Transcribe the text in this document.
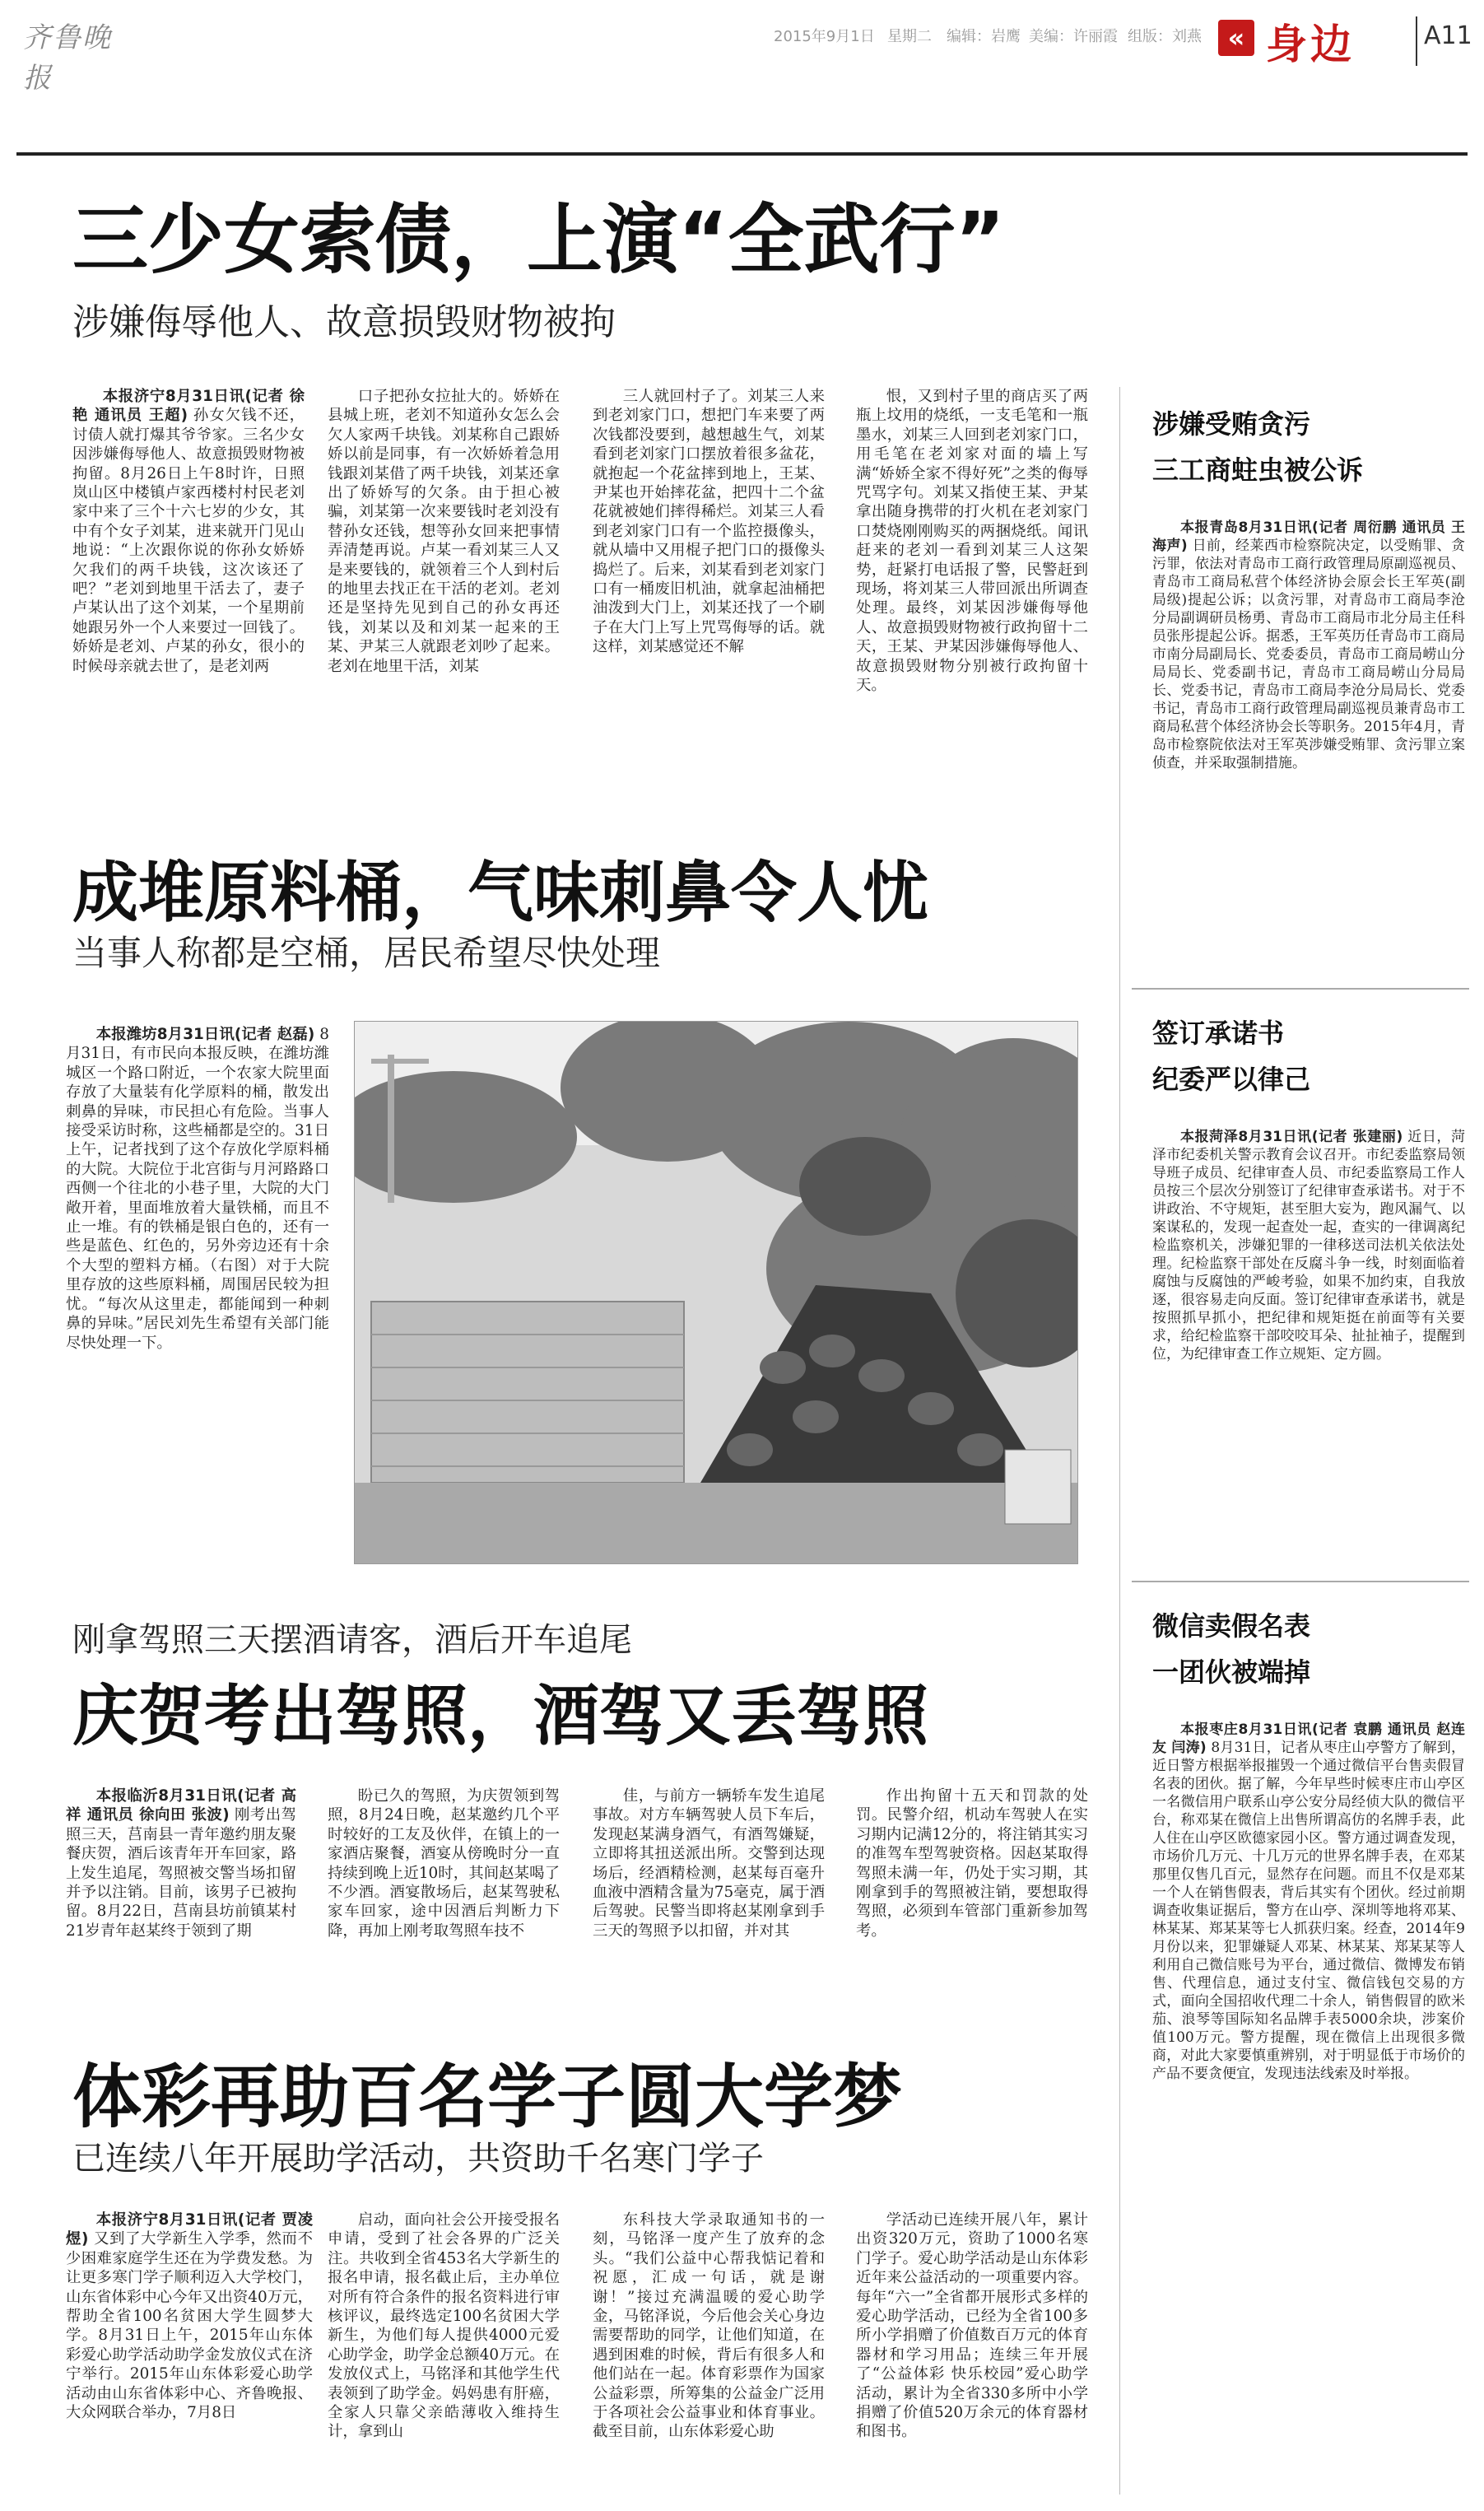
齐鲁晚报
2015年9月1日 星期二 编辑：岩鹰 美编：许丽霞 组版：刘燕 « 身边	A11
三少女索债，上演“全武行”
涉嫌侮辱他人、故意损毁财物被拘

本报济宁8月31日讯(记者 徐艳 通讯员 王超) 孙女欠钱不还，讨债人就打爆其爷爷家。三名少女因涉嫌侮辱他人、故意损毁财物被拘留。8月26日上午8时许，日照岚山区中楼镇卢家西楼村村民老刘家中来了三个十六七岁的少女，其中有个女子刘某，进来就开门见山地说：“上次跟你说的你孙女娇娇欠我们的两千块钱，这次该还了吧？”老刘到地里干活去了，妻子卢某认出了这个刘某，一个星期前她跟另外一个人来要过一回钱了。娇娇是老刘、卢某的孙女，很小的时候母亲就去世了，是老刘两

口子把孙女拉扯大的。娇娇在县城上班，老刘不知道孙女怎么会欠人家两千块钱。刘某称自己跟娇娇以前是同事，有一次娇娇着急用钱跟刘某借了两千块钱，刘某还拿出了娇娇写的欠条。由于担心被骗，刘某第一次来要钱时老刘没有替孙女还钱，想等孙女回来把事情弄清楚再说。卢某一看刘某三人又是来要钱的，就领着三个人到村后的地里去找正在干活的老刘。老刘还是坚持先见到自己的孙女再还钱，刘某以及和刘某一起来的王某、尹某三人就跟老刘吵了起来。老刘在地里干活，刘某

三人就回村子了。刘某三人来到老刘家门口，想把门车来要了两次钱都没要到，越想越生气，刘某看到老刘家门口摆放着很多盆花，就抱起一个花盆摔到地上，王某、尹某也开始摔花盆，把四十二个盆花就被她们摔得稀烂。刘某三人看到老刘家门口有一个监控摄像头，就从墙中又用棍子把门口的摄像头捣烂了。后来，刘某看到老刘家门口有一桶废旧机油，就拿起油桶把油泼到大门上，刘某还找了一个刷子在大门上写上咒骂侮辱的话。就这样，刘某感觉还不解

恨，又到村子里的商店买了两瓶上坟用的烧纸，一支毛笔和一瓶墨水，刘某三人回到老刘家门口，用毛笔在老刘家对面的墙上写满“娇娇全家不得好死”之类的侮辱咒骂字句。刘某又指使王某、尹某拿出随身携带的打火机在老刘家门口焚烧刚刚购买的两捆烧纸。闻讯赶来的老刘一看到刘某三人这架势，赶紧打电话报了警，民警赶到现场，将刘某三人带回派出所调查处理。最终，刘某因涉嫌侮辱他人、故意损毁财物被行政拘留十二天，王某、尹某因涉嫌侮辱他人、故意损毁财物分别被行政拘留十天。

成堆原料桶，气味刺鼻令人忧
当事人称都是空桶，居民希望尽快处理

本报潍坊8月31日讯(记者 赵磊) 8月31日，有市民向本报反映，在潍坊潍城区一个路口附近，一个农家大院里面存放了大量装有化学原料的桶，散发出刺鼻的异味，市民担心有危险。当事人接受采访时称，这些桶都是空的。31日上午，记者找到了这个存放化学原料桶的大院。大院位于北宫街与月河路路口西侧一个往北的小巷子里，大院的大门敞开着，里面堆放着大量铁桶，而且不止一堆。有的铁桶是银白色的，还有一些是蓝色、红色的，另外旁边还有十余个大型的塑料方桶。（右图）对于大院里存放的这些原料桶，周围居民较为担忧。“每次从这里走，都能闻到一种刺鼻的异味。”居民刘先生希望有关部门能尽快处理一下。

刚拿驾照三天摆酒请客，酒后开车追尾
庆贺考出驾照，酒驾又丢驾照

本报临沂8月31日讯(记者 高祥 通讯员 徐向田 张波) 刚考出驾照三天，莒南县一青年邀约朋友聚餐庆贺，酒后该青年开车回家，路上发生追尾，驾照被交警当场扣留并予以注销。目前，该男子已被拘留。8月22日，莒南县坊前镇某村21岁青年赵某终于领到了期

盼已久的驾照，为庆贺领到驾照，8月24日晚，赵某邀约几个平时较好的工友及伙伴，在镇上的一家酒店聚餐，酒宴从傍晚时分一直持续到晚上近10时，其间赵某喝了不少酒。酒宴散场后，赵某驾驶私家车回家，途中因酒后判断力下降，再加上刚考取驾照车技不

佳，与前方一辆轿车发生追尾事故。对方车辆驾驶人员下车后，发现赵某满身酒气，有酒驾嫌疑，立即将其扭送派出所。交警到达现场后，经酒精检测，赵某每百毫升血液中酒精含量为75毫克，属于酒后驾驶。民警当即将赵某刚拿到手三天的驾照予以扣留，并对其

作出拘留十五天和罚款的处罚。民警介绍，机动车驾驶人在实习期内记满12分的，将注销其实习的准驾车型驾驶资格。因赵某取得驾照未满一年，仍处于实习期，其刚拿到手的驾照被注销，要想取得驾照，必须到车管部门重新参加驾考。

体彩再助百名学子圆大学梦
已连续八年开展助学活动，共资助千名寒门学子

本报济宁8月31日讯(记者 贾凌煜) 又到了大学新生入学季，然而不少困难家庭学生还在为学费发愁。为让更多寒门学子顺利迈入大学校门，山东省体彩中心今年又出资40万元，帮助全省100名贫困大学生圆梦大学。8月31日上午，2015年山东体彩爱心助学活动助学金发放仪式在济宁举行。2015年山东体彩爱心助学活动由山东省体彩中心、齐鲁晚报、大众网联合举办，7月8日

启动，面向社会公开接受报名申请，受到了社会各界的广泛关注。共收到全省453名大学新生的报名申请，报名截止后，主办单位对所有符合条件的报名资料进行审核评议，最终选定100名贫困大学新生，为他们每人提供4000元爱心助学金，助学金总额40万元。在发放仪式上，马铭泽和其他学生代表领到了助学金。妈妈患有肝癌，全家人只靠父亲皓薄收入维持生计，拿到山

东科技大学录取通知书的一刻，马铭泽一度产生了放弃的念头。“我们公益中心帮我惦记着和祝愿，汇成一句话，就是谢谢！”接过充满温暖的爱心助学金，马铭泽说，今后他会关心身边需要帮助的同学，让他们知道，在遇到困难的时候，背后有很多人和他们站在一起。体育彩票作为国家公益彩票，所筹集的公益金广泛用于各项社会公益事业和体育事业。截至目前，山东体彩爱心助

学活动已连续开展八年，累计出资320万元，资助了1000名寒门学子。爱心助学活动是山东体彩近年来公益活动的一项重要内容。每年“六一”全省都开展形式多样的爱心助学活动，已经为全省100多所小学捐赠了价值数百万元的体育器材和学习用品；连续三年开展了“公益体彩 快乐校园”爱心助学活动，累计为全省330多所中小学捐赠了价值520万余元的体育器材和图书。

涉嫌受贿贪污
三工商蛀虫被公诉

本报青岛8月31日讯(记者 周衍鹏 通讯员 王海声) 日前，经莱西市检察院决定，以受贿罪、贪污罪，依法对青岛市工商行政管理局原副巡视员、青岛市工商局私营个体经济协会原会长王军英(副局级)提起公诉；以贪污罪，对青岛市工商局李沧分局副调研员杨勇、青岛市工商局市北分局主任科员张彤提起公诉。据悉，王军英历任青岛市工商局市南分局副局长、党委委员，青岛市工商局崂山分局局长、党委副书记，青岛市工商局崂山分局局长、党委书记，青岛市工商局李沧分局局长、党委书记，青岛市工商行政管理局副巡视员兼青岛市工商局私营个体经济协会长等职务。2015年4月，青岛市检察院依法对王军英涉嫌受贿罪、贪污罪立案侦查，并采取强制措施。

签订承诺书
纪委严以律己

本报菏泽8月31日讯(记者 张建丽) 近日，菏泽市纪委机关警示教育会议召开。市纪委监察局领导班子成员、纪律审查人员、市纪委监察局工作人员按三个层次分别签订了纪律审查承诺书。对于不讲政治、不守规矩，甚至胆大妄为，跑风漏气、以案谋私的，发现一起查处一起，查实的一律调离纪检监察机关，涉嫌犯罪的一律移送司法机关依法处理。纪检监察干部处在反腐斗争一线，时刻面临着腐蚀与反腐蚀的严峻考验，如果不加约束，自我放逐，很容易走向反面。签订纪律审查承诺书，就是按照抓早抓小，把纪律和规矩挺在前面等有关要求，给纪检监察干部咬咬耳朵、扯扯袖子，提醒到位，为纪律审查工作立规矩、定方圆。

微信卖假名表
一团伙被端掉

本报枣庄8月31日讯(记者 袁鹏 通讯员 赵连友 闫涛) 8月31日，记者从枣庄山亭警方了解到，近日警方根据举报摧毁一个通过微信平台售卖假冒名表的团伙。据了解，今年早些时候枣庄市山亭区一名微信用户联系山亭公安分局经侦大队的微信平台，称邓某在微信上出售所谓高仿的名牌手表，此人住在山亭区欧德家园小区。警方通过调查发现，市场价几万元、十几万元的世界名牌手表，在邓某那里仅售几百元，显然存在问题。而且不仅是邓某一个人在销售假表，背后其实有个团伙。经过前期调查收集证据后，警方在山亭、深圳等地将邓某、林某某、郑某某等七人抓获归案。经查，2014年9月份以来，犯罪嫌疑人邓某、林某某、郑某某等人利用自己微信账号为平台，通过微信、微博发布销售、代理信息，通过支付宝、微信钱包交易的方式，面向全国招收代理二十余人，销售假冒的欧米茄、浪琴等国际知名品牌手表5000余块，涉案价值100万元。警方提醒，现在微信上出现很多微商，对此大家要慎重辨别，对于明显低于市场价的产品不要贪便宜，发现违法线索及时举报。
